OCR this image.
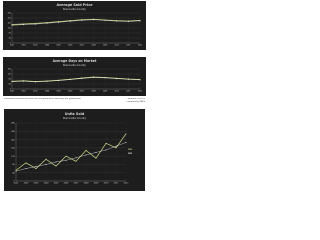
Average Sold Price
Burnsville County
0
40
80
120
160
200
240
2001	2002	2003	2004	2005	2006	2007	2008	2009	2010	2011	2012
Average Days on Market
Burnsville County
0
40
80
120
160
2001	2002	2003	2004	2005	2006	2007	2008	2009	2010	2011	2012
Information deemed accurate but not guaranteed. Accuracy not guaranteed.	updated 10/2012
compiled by RMLS
Units Sold
Burnsville County
0
40
80
120
160
200
240
280
2001	2002	2003	2004	2005	2006	2007	2008	2009	2010	2011	2012
Sold
Trend
